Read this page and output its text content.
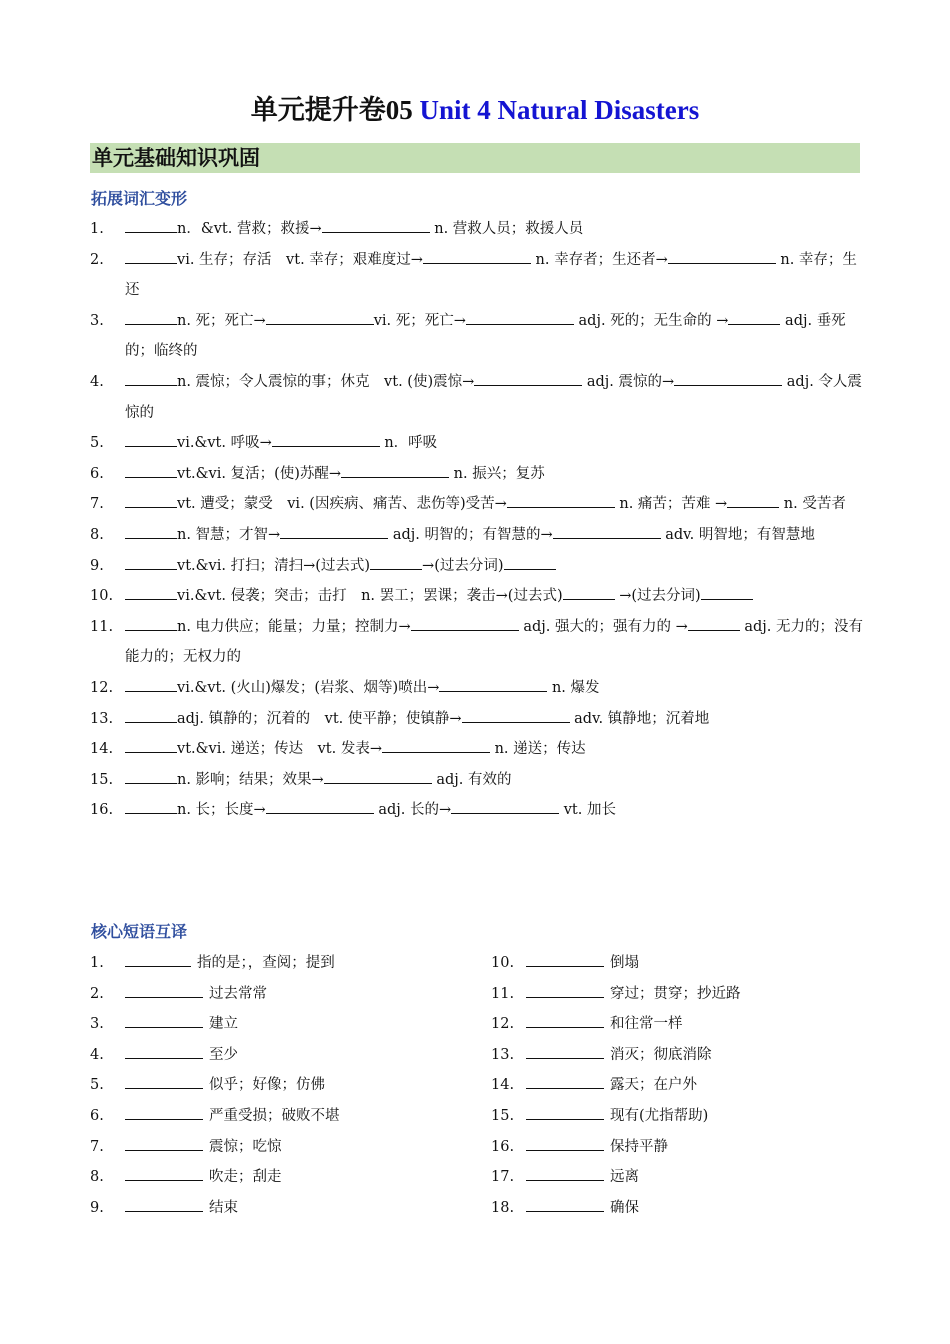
单元提升卷05 Unit 4 Natural Disasters
单元基础知识巩固
拓展词汇变形
1.	n．&vt. 营救；救援→	n. 营救人员；救援人员
2.	vi. 生存；存活　vt. 幸存；艰难度过→	n. 幸存者；生还者→	n. 幸存；生还
3.	n. 死；死亡→	vi. 死；死亡→	adj. 死的；无生命的 →	adj. 垂死的；临终的
4.	n. 震惊；令人震惊的事；休克　vt. (使)震惊→	adj. 震惊的→	adj. 令人震惊的
5.	vi.&vt. 呼吸→	n．呼吸
6.	vt.&vi. 复活；(使)苏醒→	n. 振兴；复苏
7.	vt. 遭受；蒙受　vi. (因疾病、痛苦、悲伤等)受苦→	n. 痛苦；苦难 →	n. 受苦者
8.	n. 智慧；才智→	adj. 明智的；有智慧的→	adv. 明智地；有智慧地
9.	vt.&vi. 打扫；清扫→(过去式)	→(过去分词)
10.	vi.&vt. 侵袭；突击；击打　n. 罢工；罢课；袭击→(过去式)	→(过去分词)
11.	n. 电力供应；能量；力量；控制力→	adj. 强大的；强有力的 →	adj. 无力的；没有能力的；无权力的
12.	vi.&vt. (火山)爆发；(岩浆、烟等)喷出→	n. 爆发
13.	adj. 镇静的；沉着的　vt. 使平静；使镇静→	adv. 镇静地；沉着地
14.	vt.&vi. 递送；传达　vt. 发表→	n. 递送；传达
15.	n. 影响；结果；效果→	adj. 有效的
16.	n. 长；长度→	adj. 长的→	vt. 加长
核心短语互译
1.	指的是；，查阅；提到
2.	过去常常
3.	建立
4.	至少
5.	似乎；好像；仿佛
6.	严重受损；破败不堪
7.	震惊；吃惊
8.	吹走；刮走
9.	结束
10.	倒塌
11.	穿过；贯穿；抄近路
12.	和往常一样
13.	消灭；彻底消除
14.	露天；在户外
15.	现有(尤指帮助)
16.	保持平静
17.	远离
18.	确保
